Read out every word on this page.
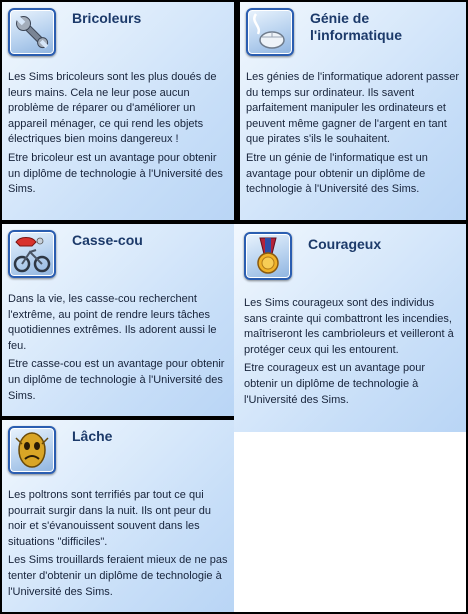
Bricoleurs

Les Sims bricoleurs sont les plus doués de leurs mains. Cela ne leur pose aucun problème de réparer ou d'améliorer un appareil ménager, ce qui rend les objets électriques bien moins dangereux !

Etre bricoleur est un avantage pour obtenir un diplôme de technologie à l'Université des Sims.

Génie de l'informatique

Les génies de l'informatique adorent passer du temps sur ordinateur. Ils savent parfaitement manipuler les ordinateurs et peuvent même gagner de l'argent en tant que pirates s'ils le souhaitent.

Etre un génie de l'informatique est un avantage pour obtenir un diplôme de technologie à l'Université des Sims.

Casse-cou

Dans la vie, les casse-cou recherchent l'extrême, au point de rendre leurs tâches quotidiennes extrêmes. Ils adorent aussi le feu.

Etre casse-cou est un avantage pour obtenir un diplôme de technologie à l'Université des Sims.

Courageux

Les Sims courageux sont des individus sans crainte qui combattront les incendies, maîtriseront les cambrioleurs et veilleront à protéger ceux qui les entourent.

Etre courageux est un avantage pour obtenir un diplôme de technologie à l'Université des Sims.

Lâche

Les poltrons sont terrifiés par tout ce qui pourrait surgir dans la nuit. Ils ont peur du noir et s'évanouissent souvent dans les situations "difficiles".

Les Sims trouillards feraient mieux de ne pas tenter d'obtenir un diplôme de technologie à l'Université des Sims.
